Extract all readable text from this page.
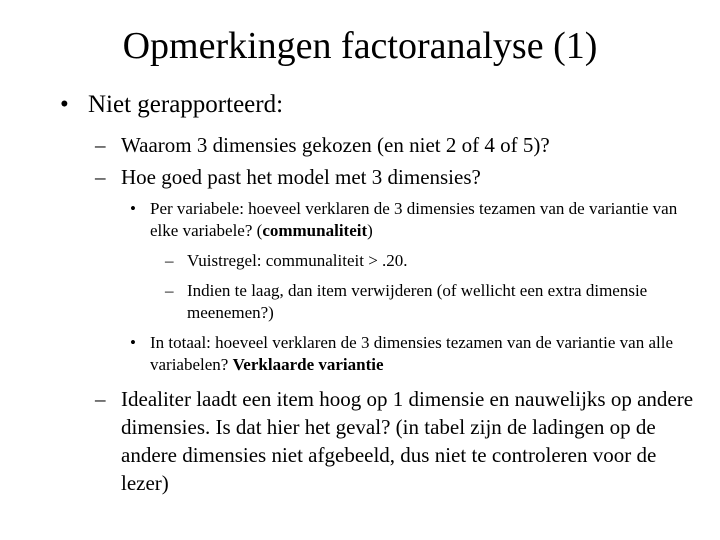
Opmerkingen factoranalyse (1)
• Niet gerapporteerd:
– Waarom 3 dimensies gekozen (en niet 2 of 4 of 5)?
– Hoe goed past het model met 3 dimensies?
• Per variabele: hoeveel verklaren de 3 dimensies tezamen van de variantie van elke variabele? (communaliteit)
– Vuistregel: communaliteit > .20.
– Indien te laag, dan item verwijderen (of wellicht een extra dimensie meenemen?)
• In totaal: hoeveel verklaren de 3 dimensies tezamen van de variantie van alle variabelen? Verklaarde variantie
– Idealiter laadt een item hoog op 1 dimensie en nauwelijks op andere dimensies. Is dat hier het geval? (in tabel zijn de ladingen op de andere dimensies niet afgebeeld, dus niet te controleren voor de lezer)
